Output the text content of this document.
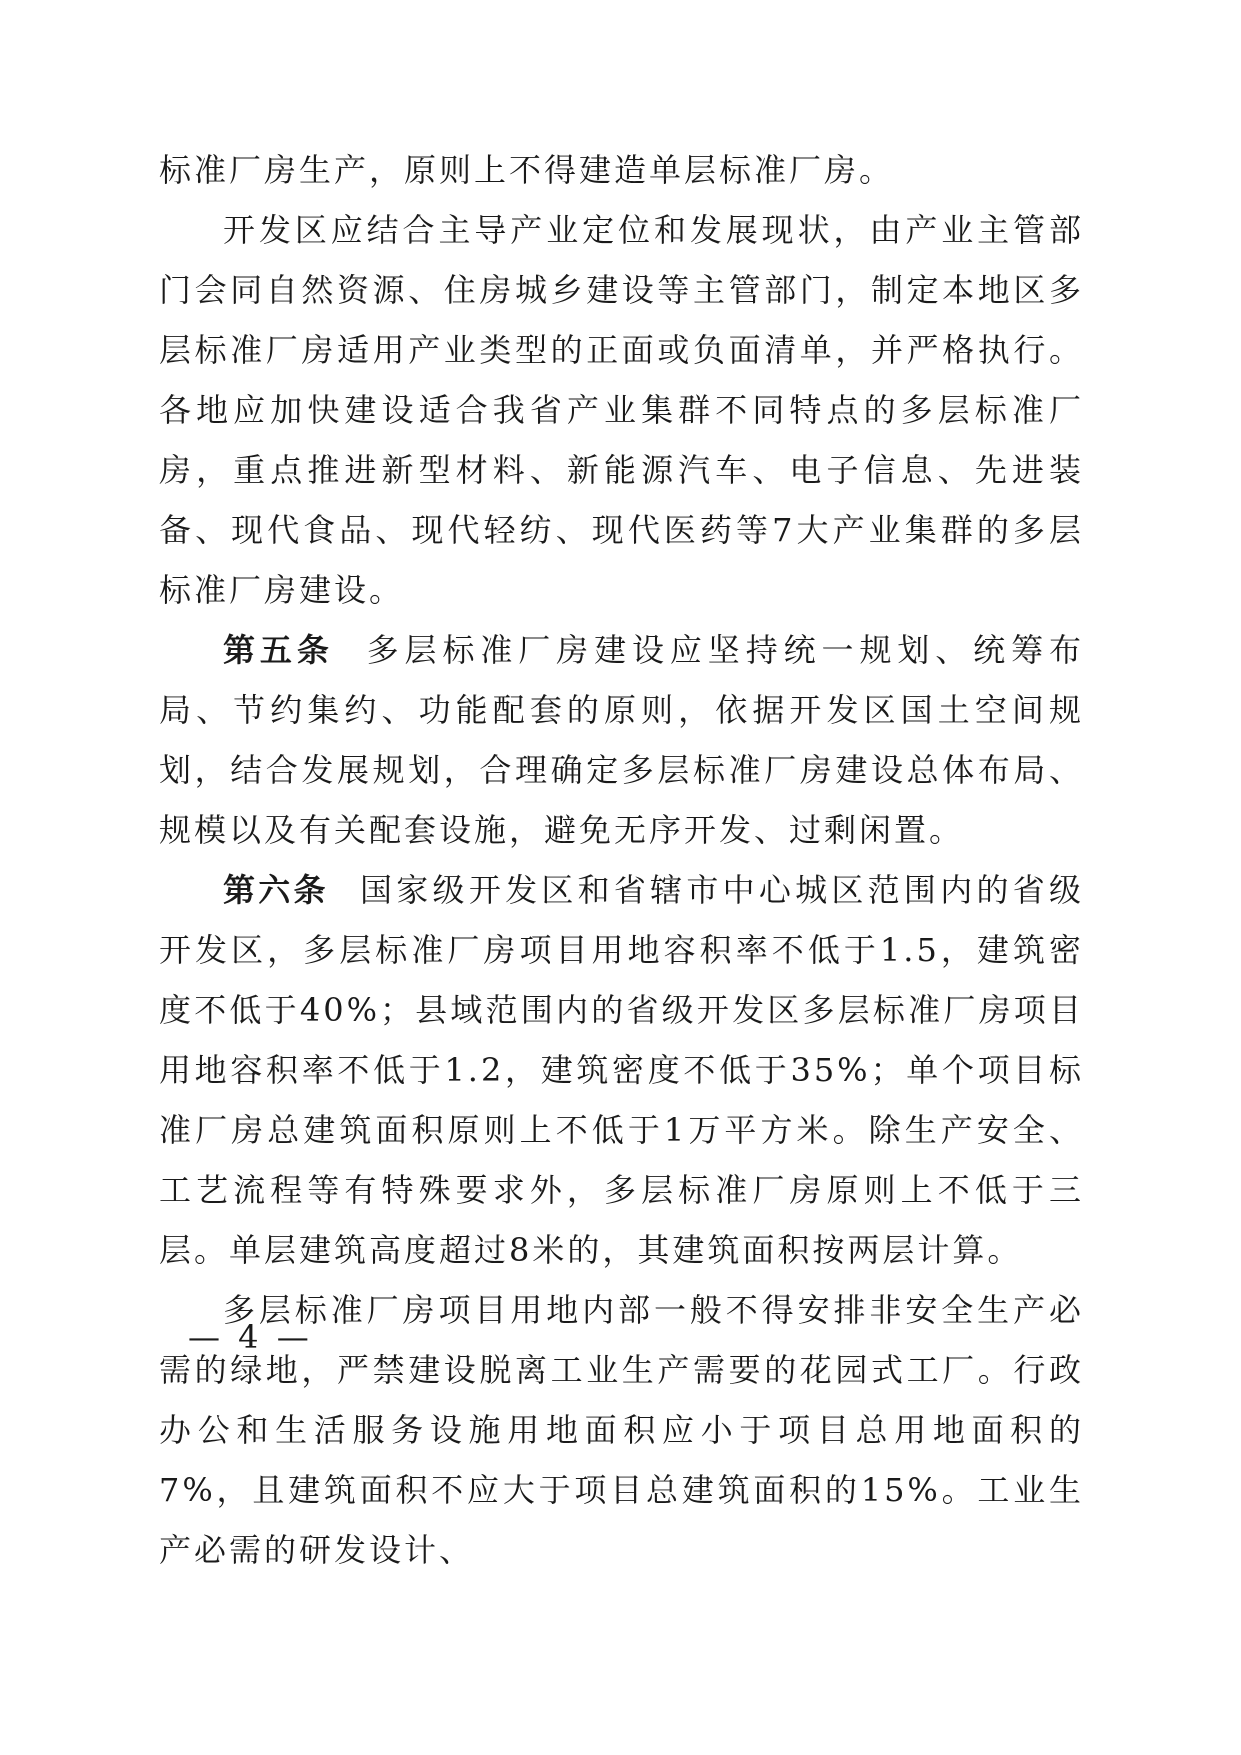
标准厂房生产，原则上不得建造单层标准厂房。

开发区应结合主导产业定位和发展现状，由产业主管部门会同自然资源、住房城乡建设等主管部门，制定本地区多层标准厂房适用产业类型的正面或负面清单，并严格执行。各地应加快建设适合我省产业集群不同特点的多层标准厂房，重点推进新型材料、新能源汽车、电子信息、先进装备、现代食品、现代轻纺、现代医药等7大产业集群的多层标准厂房建设。

第五条 多层标准厂房建设应坚持统一规划、统筹布局、节约集约、功能配套的原则，依据开发区国土空间规划，结合发展规划，合理确定多层标准厂房建设总体布局、规模以及有关配套设施，避免无序开发、过剩闲置。

第六条 国家级开发区和省辖市中心城区范围内的省级开发区，多层标准厂房项目用地容积率不低于1.5，建筑密度不低于40%；县域范围内的省级开发区多层标准厂房项目用地容积率不低于1.2，建筑密度不低于35%；单个项目标准厂房总建筑面积原则上不低于1万平方米。除生产安全、工艺流程等有特殊要求外，多层标准厂房原则上不低于三层。单层建筑高度超过8米的，其建筑面积按两层计算。

多层标准厂房项目用地内部一般不得安排非安全生产必需的绿地，严禁建设脱离工业生产需要的花园式工厂。行政办公和生活服务设施用地面积应小于项目总用地面积的7%，且建筑面积不应大于项目总建筑面积的15%。工业生产必需的研发设计、

— 4 —
